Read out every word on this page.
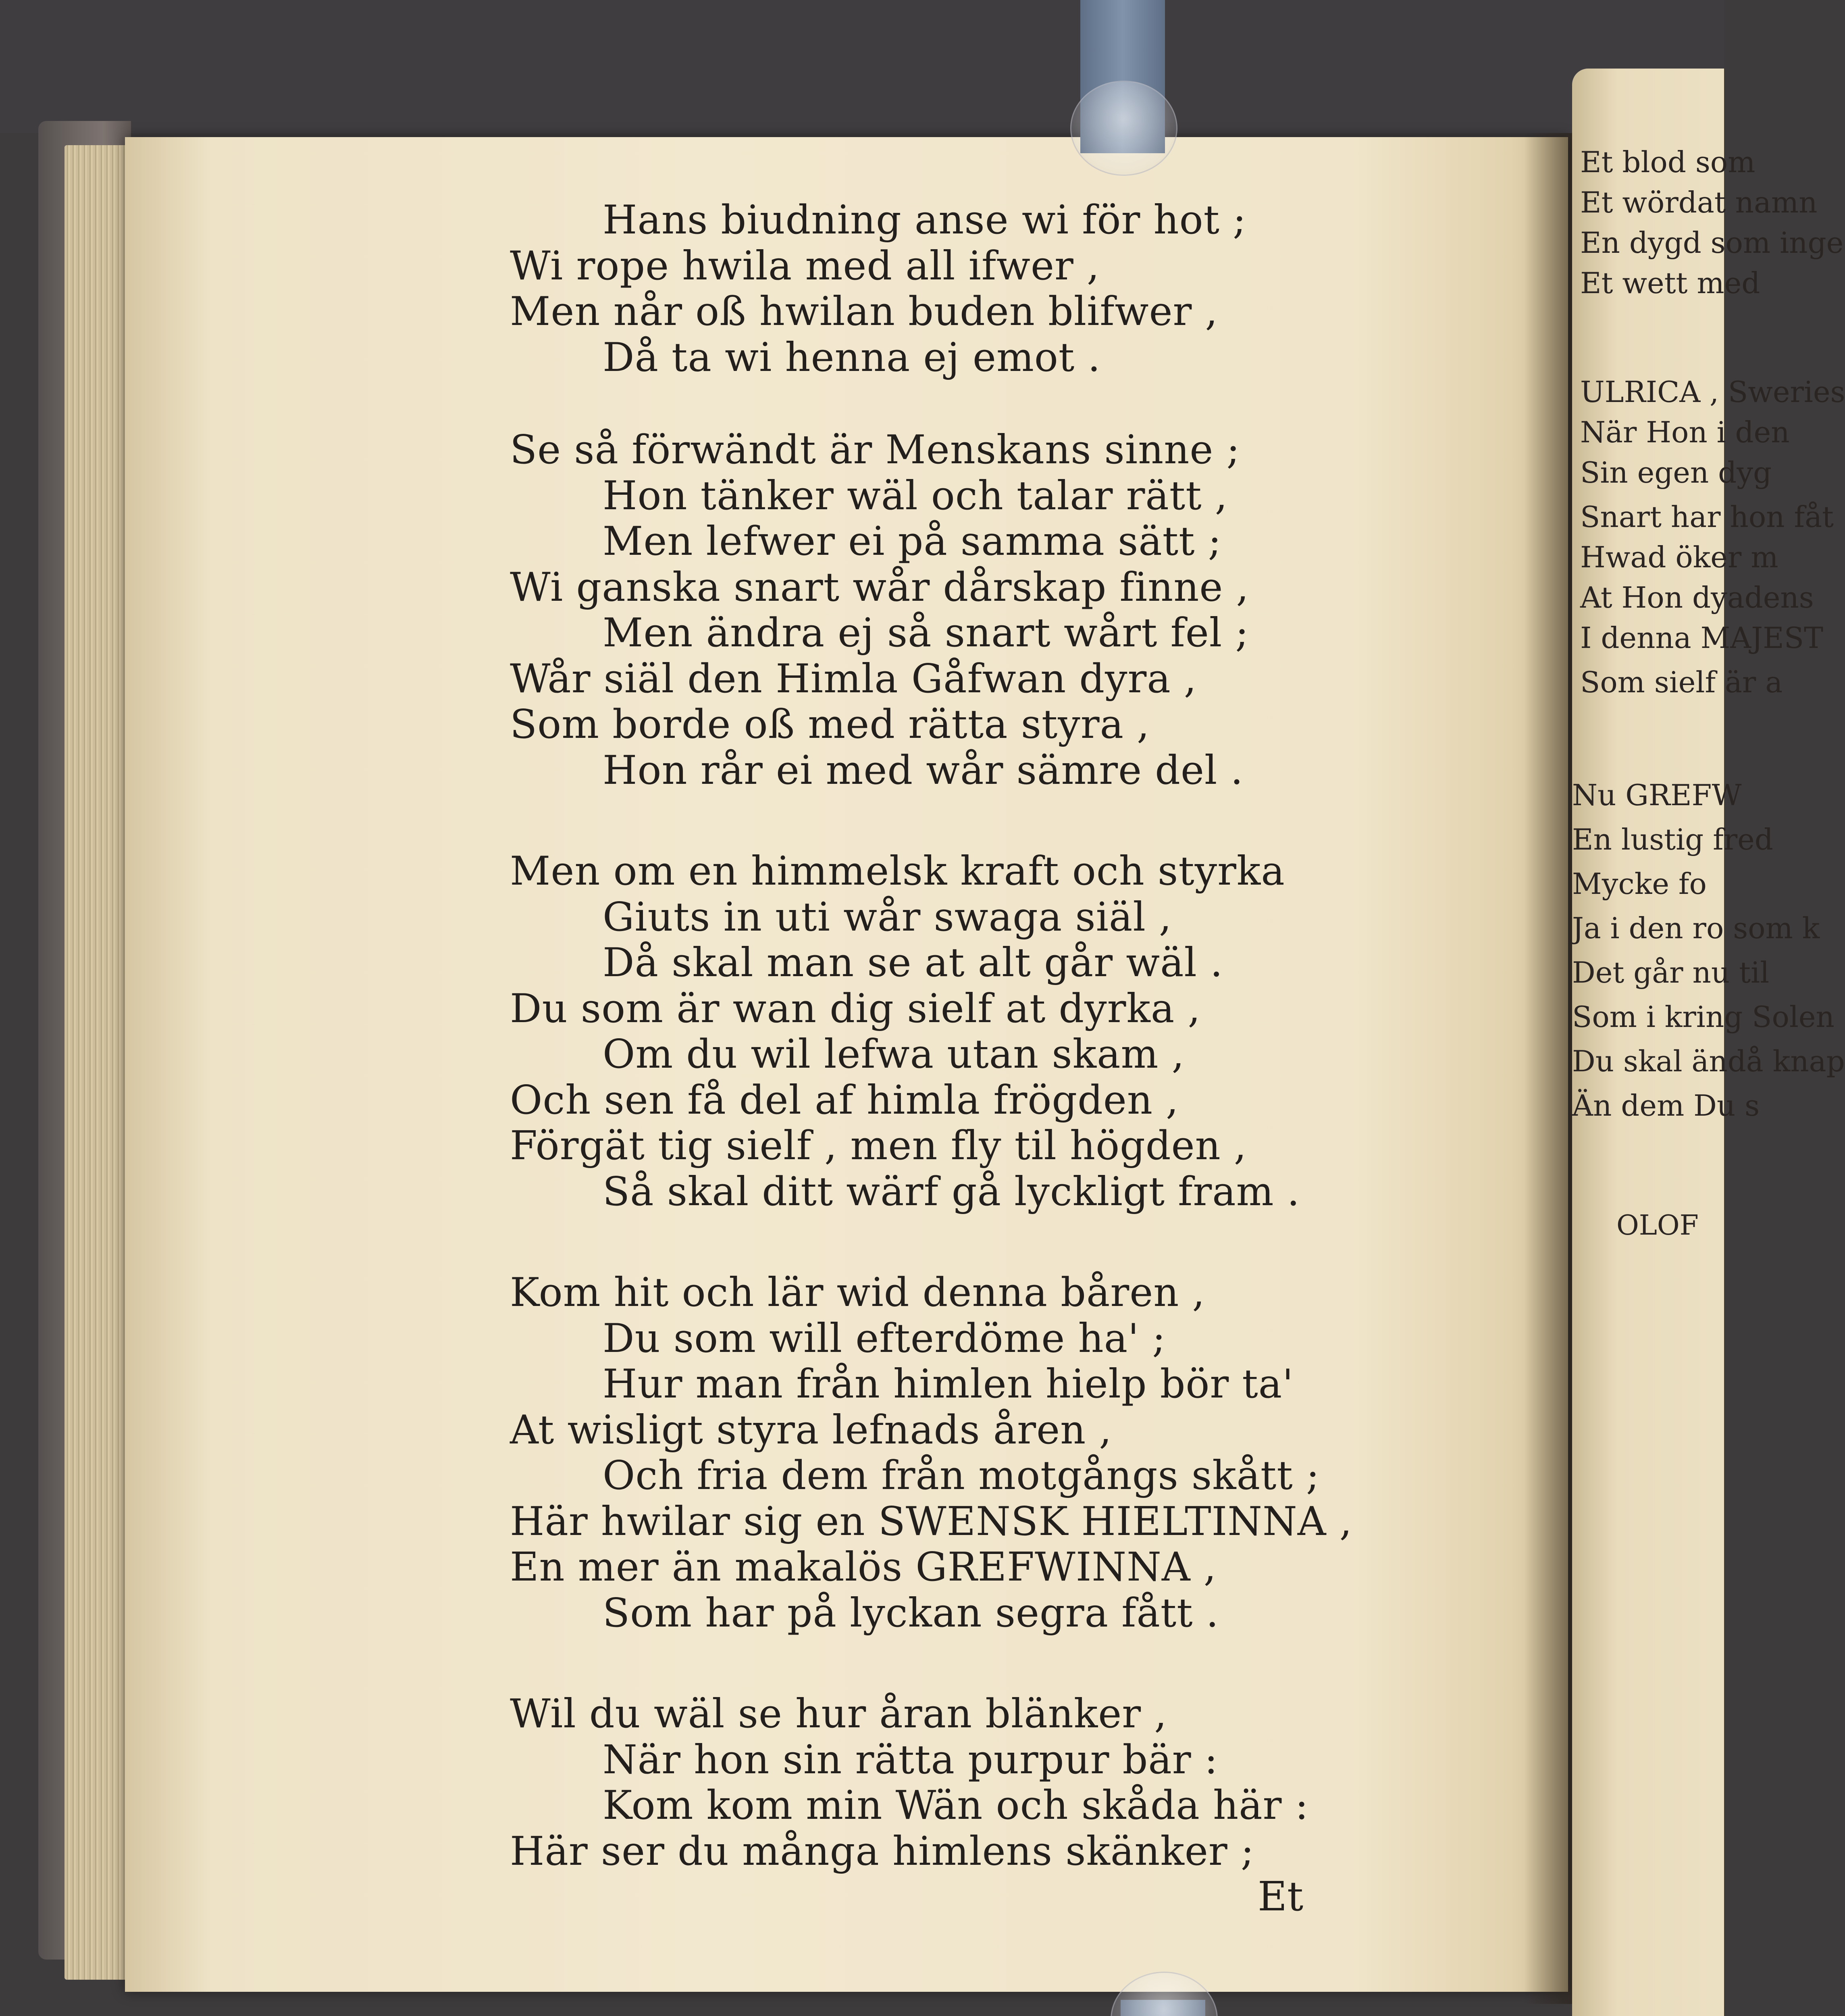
Hans biudning anse wi för hot ;
Wi rope hwila med all ifwer ,
Men når oß hwilan buden blifwer ,
Då ta wi henna ej emot .
Se så förwändt är Menskans sinne ;
Hon tänker wäl och talar rätt ,
Men lefwer ei på samma sätt ;
Wi ganska snart wår dårskap finne ,
Men ändra ej så snart wårt fel ;
Wår siäl den Himla Gåfwan dyra ,
Som borde oß med rätta styra ,
Hon rår ei med wår sämre del .
Men om en himmelsk kraft och styrka
Giuts in uti wår swaga siäl ,
Då skal man se at alt går wäl .
Du som är wan dig sielf at dyrka ,
Om du wil lefwa utan skam ,
Och sen få del af himla frögden ,
Förgät tig sielf , men fly til högden ,
Så skal ditt wärf gå lyckligt fram .
Kom hit och lär wid denna båren ,
Du som will efterdöme ha' ;
Hur man från himlen hielp bör ta'
At wisligt styra lefnads åren ,
Och fria dem från motgångs skått ;
Här hwilar sig en SWENSK HIELTINNA ,
En mer än makalös GREFWINNA ,
Som har på lyckan segra fått .
Wil du wäl se hur åran blänker ,
När hon sin rätta purpur bär :
Kom kom min Wän och skåda här :
Här ser du många himlens skänker ;
Et
Et blod som
Et wördat namn
En dygd som inge
Et wett med
ULRICA , Sweries
När Hon i den
Sin egen dyg
Snart har hon fåt
Hwad öker m
At Hon dyadens
I denna MAJEST
Som sielf är a
Nu GREFW
En lustig fred
Mycke fo
Ja i den ro som k
Det går nu til
Som i kring Solen
Du skal ändå knap
Än dem Du s
OLOF
